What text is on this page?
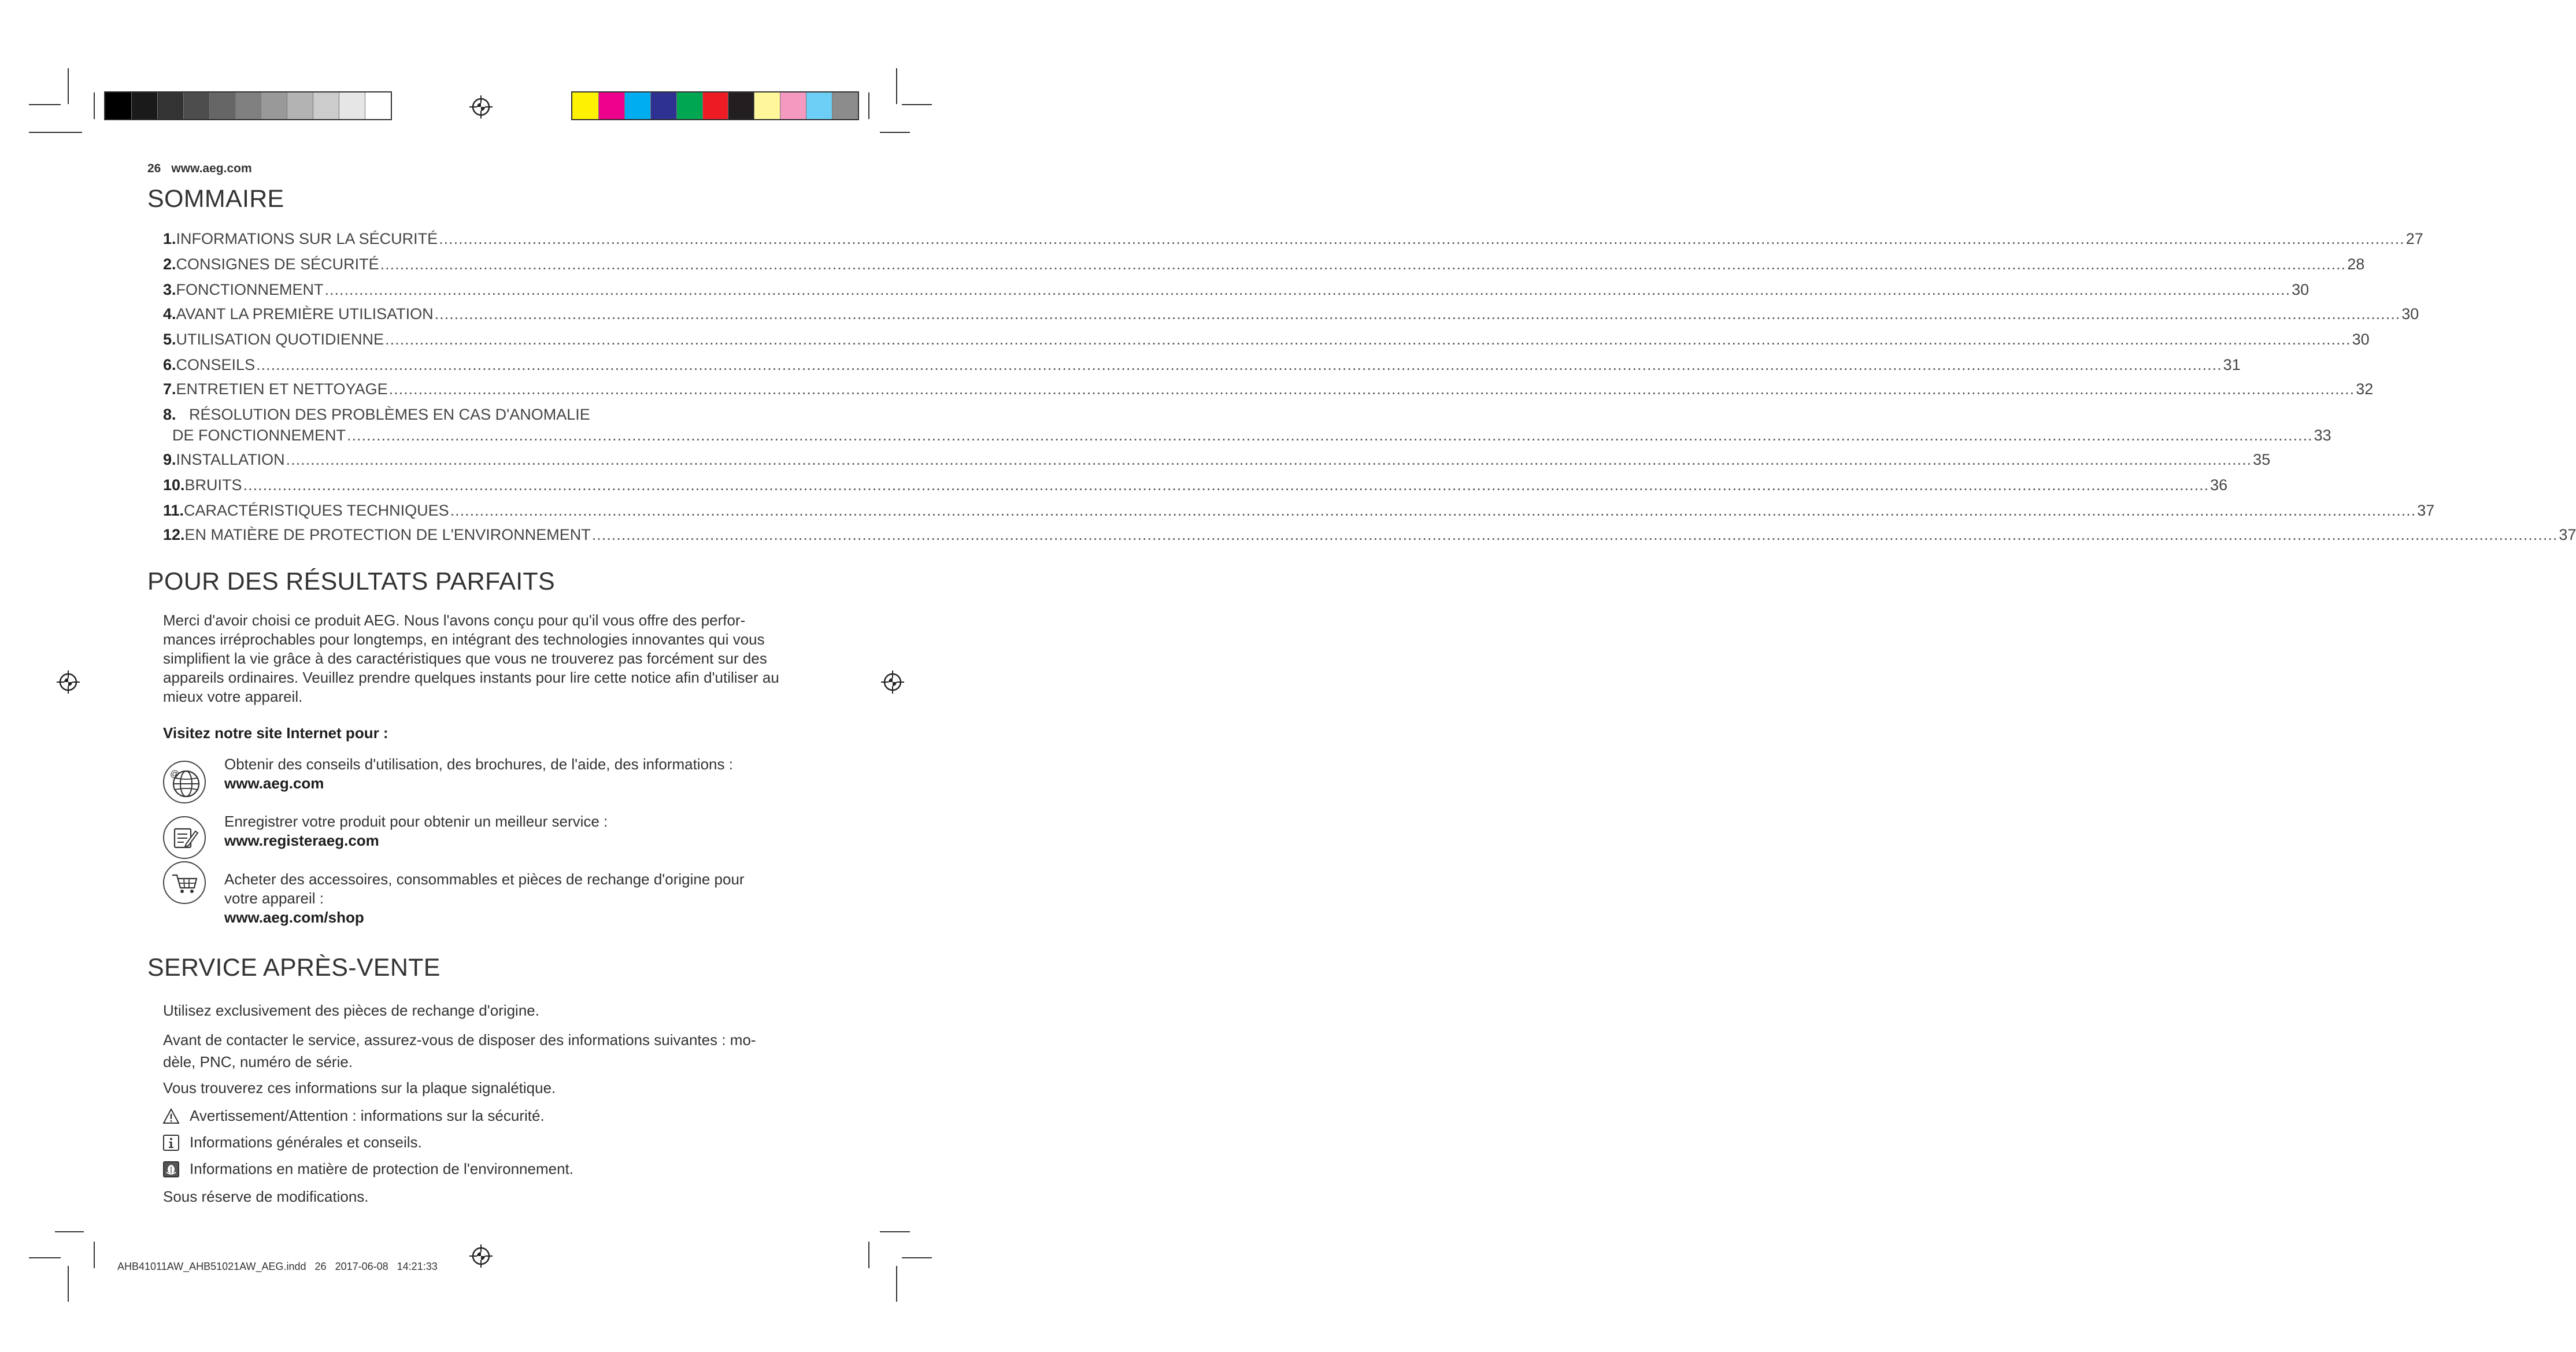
26 www.aeg.com
SOMMAIRE
1. INFORMATIONS SUR LA SÉCURITÉ ................................................................................................................................................................................................................................................................................................................................................................................................................ 27
2. CONSIGNES DE SÉCURITÉ ................................................................................................................................................................................................................................................................................................................................................................................................................ 28
3. FONCTIONNEMENT ................................................................................................................................................................................................................................................................................................................................................................................................................ 30
4. AVANT LA PREMIÈRE UTILISATION ................................................................................................................................................................................................................................................................................................................................................................................................................ 30
5. UTILISATION QUOTIDIENNE ................................................................................................................................................................................................................................................................................................................................................................................................................ 30
6. CONSEILS ................................................................................................................................................................................................................................................................................................................................................................................................................ 31
7. ENTRETIEN ET NETTOYAGE ................................................................................................................................................................................................................................................................................................................................................................................................................ 32
8. RÉSOLUTION DES PROBLÈMES EN CAS D'ANOMALIE
DE FONCTIONNEMENT ................................................................................................................................................................................................................................................................................................................................................................................................................ 33
9. INSTALLATION ................................................................................................................................................................................................................................................................................................................................................................................................................ 35
10. BRUITS ................................................................................................................................................................................................................................................................................................................................................................................................................ 36
11. CARACTÉRISTIQUES TECHNIQUES ................................................................................................................................................................................................................................................................................................................................................................................................................ 37
12. EN MATIÈRE DE PROTECTION DE L'ENVIRONNEMENT ................................................................................................................................................................................................................................................................................................................................................................................................................ 37
POUR DES RÉSULTATS PARFAITS
Merci d'avoir choisi ce produit AEG. Nous l'avons conçu pour qu'il vous offre des perfor-
mances irréprochables pour longtemps, en intégrant des technologies innovantes qui vous
simplifient la vie grâce à des caractéristiques que vous ne trouverez pas forcément sur des
appareils ordinaires. Veuillez prendre quelques instants pour lire cette notice afin d'utiliser au
mieux votre appareil.
Visitez notre site Internet pour :
@
Obtenir des conseils d'utilisation, des brochures, de l'aide, des informations :
www.aeg.com
Enregistrer votre produit pour obtenir un meilleur service :
www.registeraeg.com
Acheter des accessoires, consommables et pièces de rechange d'origine pour
votre appareil :
www.aeg.com/shop
SERVICE APRÈS-VENTE
Utilisez exclusivement des pièces de rechange d'origine.
Avant de contacter le service, assurez-vous de disposer des informations suivantes : mo-
dèle, PNC, numéro de série.
Vous trouverez ces informations sur la plaque signalétique.
Avertissement/Attention : informations sur la sécurité.
Informations générales et conseils.
Informations en matière de protection de l'environnement.
Sous réserve de modifications.

AHB41011AW_AHB51021AW_AEG.indd   26 2017-06-08   14:21:33
